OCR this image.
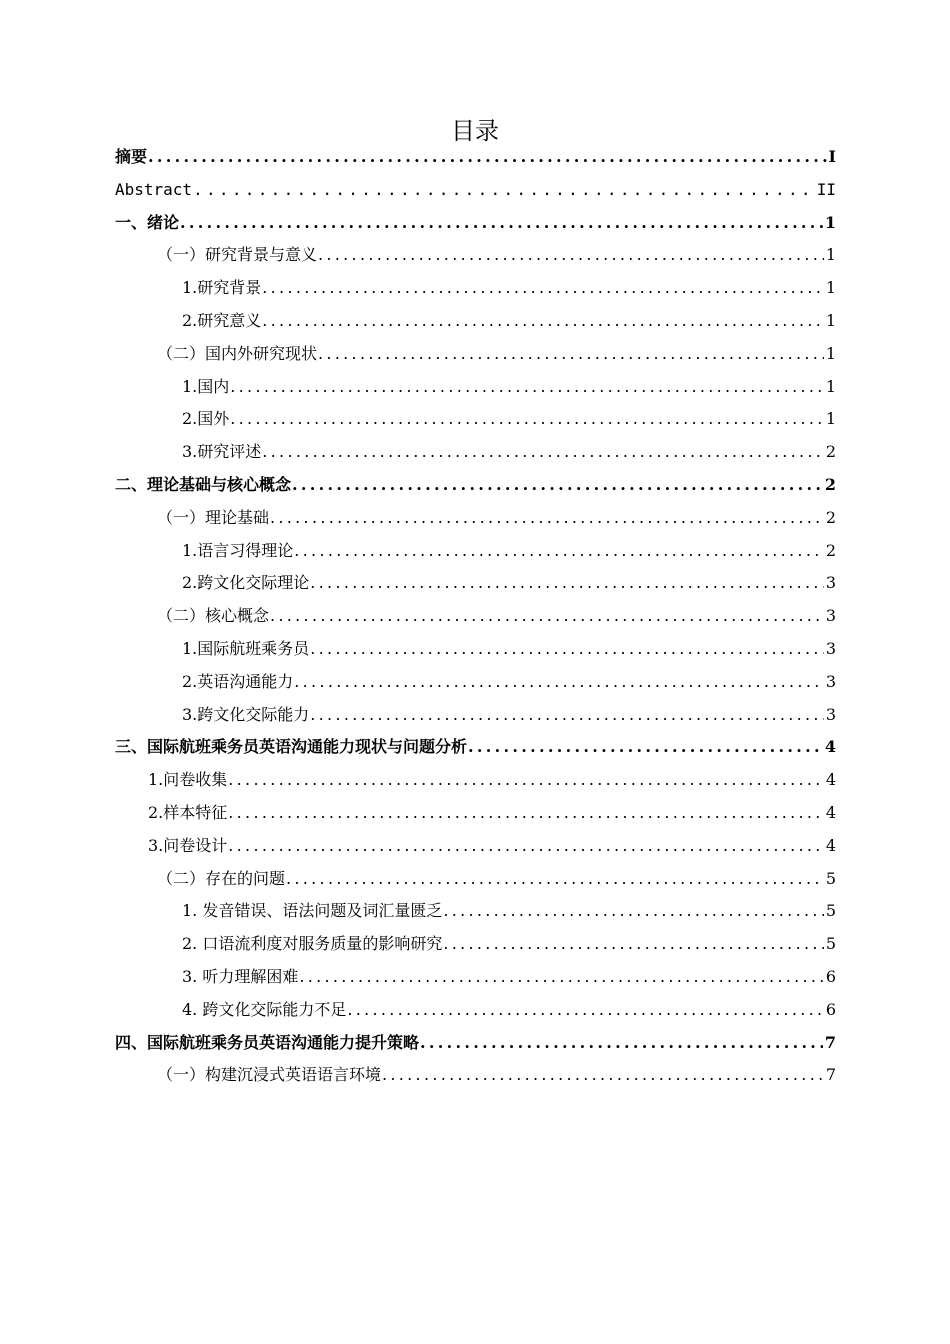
目录
摘要 .....	I
Abstract .....	II
一、绪论 .....	1
（一）研究背景与意义 .....	1
1.研究背景 .....	1
2.研究意义 .....	1
（二）国内外研究现状 .....	1
1.国内 .....	1
2.国外 .....	1
3.研究评述 .....	2
二、理论基础与核心概念 .....	2
（一）理论基础 .....	2
1.语言习得理论 .....	2
2.跨文化交际理论 .....	3
（二）核心概念 .....	3
1.国际航班乘务员 .....	3
2.英语沟通能力 .....	3
3.跨文化交际能力 .....	3
三、国际航班乘务员英语沟通能力现状与问题分析 .....	4
1.问卷收集 .....	4
2.样本特征 .....	4
3.问卷设计 .....	4
（二）存在的问题 .....	5
1. 发音错误、语法问题及词汇量匮乏 .....	5
2. 口语流利度对服务质量的影响研究 .....	5
3. 听力理解困难 .....	6
4. 跨文化交际能力不足 .....	6
四、国际航班乘务员英语沟通能力提升策略 .....	7
（一）构建沉浸式英语语言环境 .....	7
